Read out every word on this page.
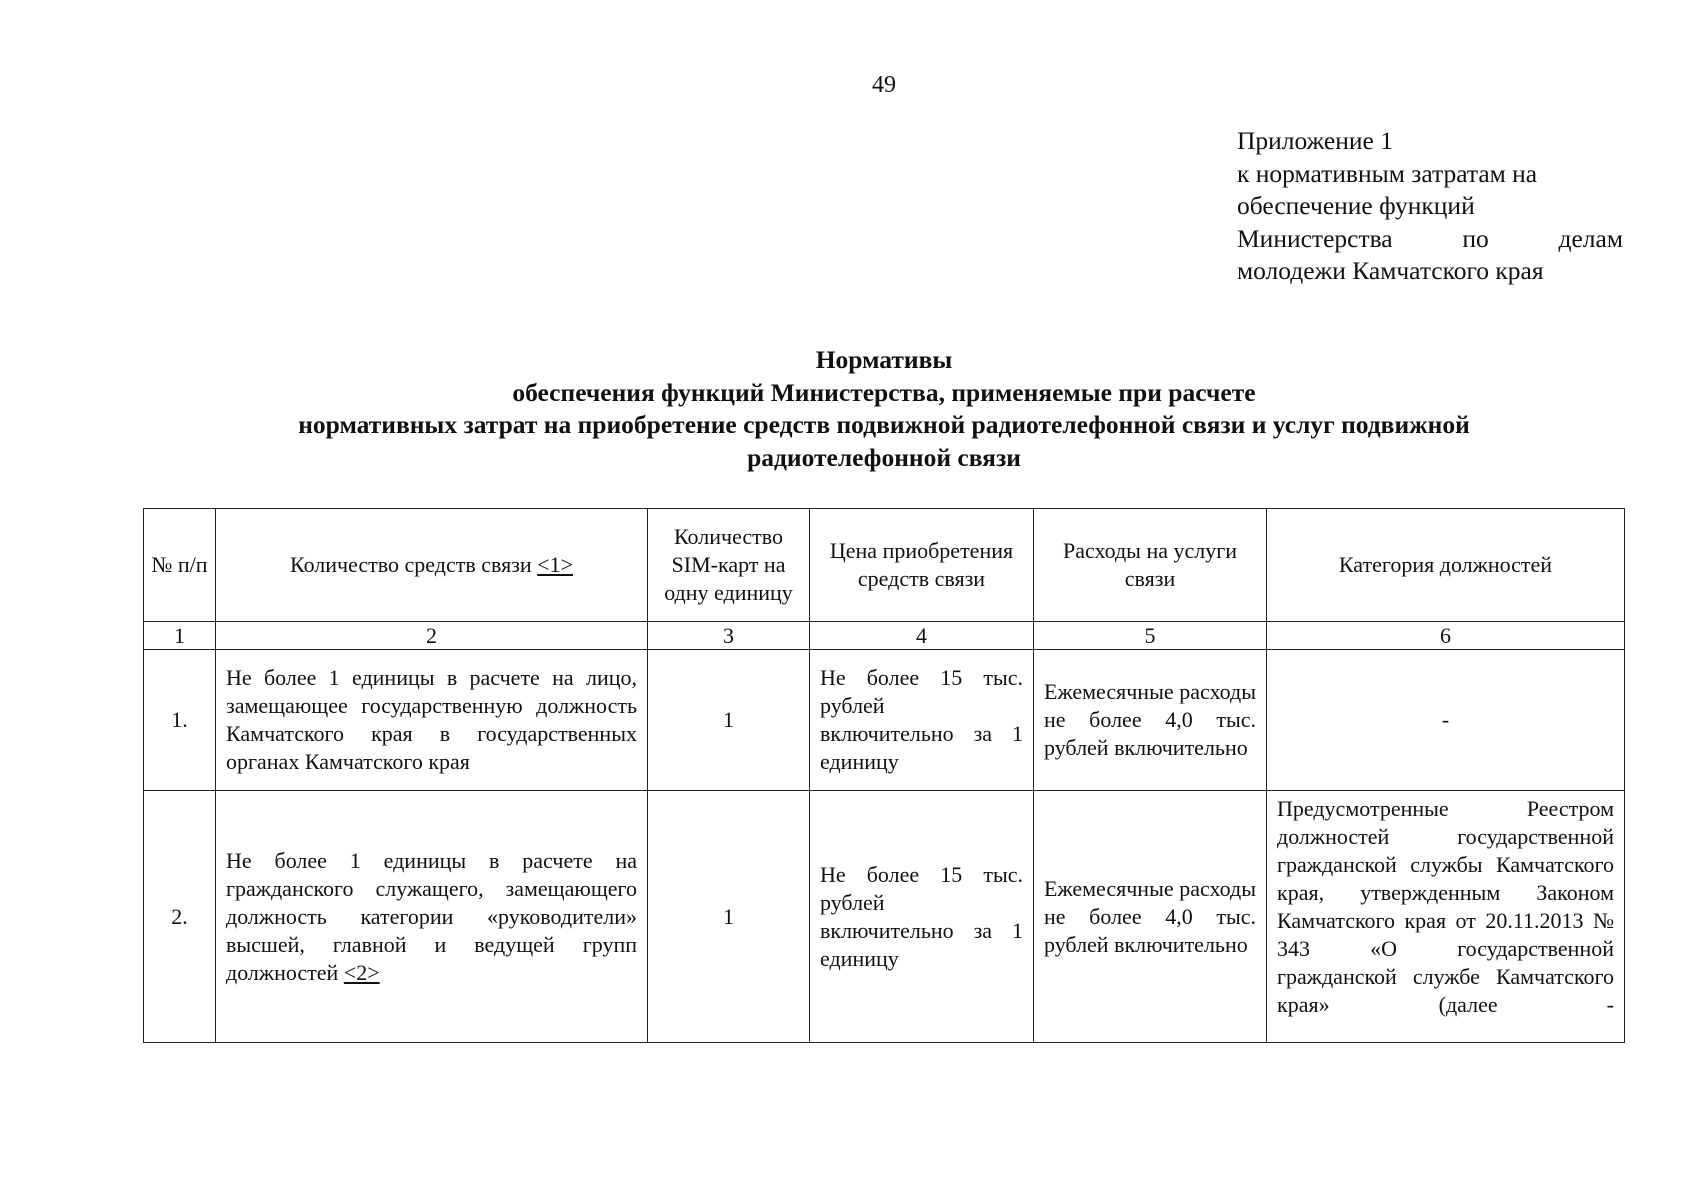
49
Приложение 1
к нормативным затратам на
обеспечение функций
Министерства	по	делам
молодежи Камчатского края
Нормативы
обеспечения функций Министерства, применяемые при расчете
нормативных затрат на приобретение средств подвижной радиотелефонной связи и услуг подвижной
радиотелефонной связи
№ п/п	Количество средств связи <1>	Количество SIM-карт на одну единицу	Цена приобретения средств связи	Расходы на услуги связи	Категория должностей
1	2	3	4	5	6
1.	Не более 1 единицы в расчете на лицо, замещающее государственную должность Камчатского края в государственных органах Камчатского края	1	Не более 15 тыс. рублей включительно за 1 единицу	Ежемесячные расходы не более 4,0 тыс. рублей включительно	-
2.	Не более 1 единицы в расчете на гражданского служащего, замещающего должность категории «руководители» высшей, главной и ведущей групп должностей <2>	1	Не более 15 тыс. рублей включительно за 1 единицу	Ежемесячные расходы не более 4,0 тыс. рублей включительно	Предусмотренные Реестром должностей государственной гражданской службы Камчатского края, утвержденным Законом Камчатского края от 20.11.2013 № 343 «О государственной гражданской службе Камчатского края» (далее -
